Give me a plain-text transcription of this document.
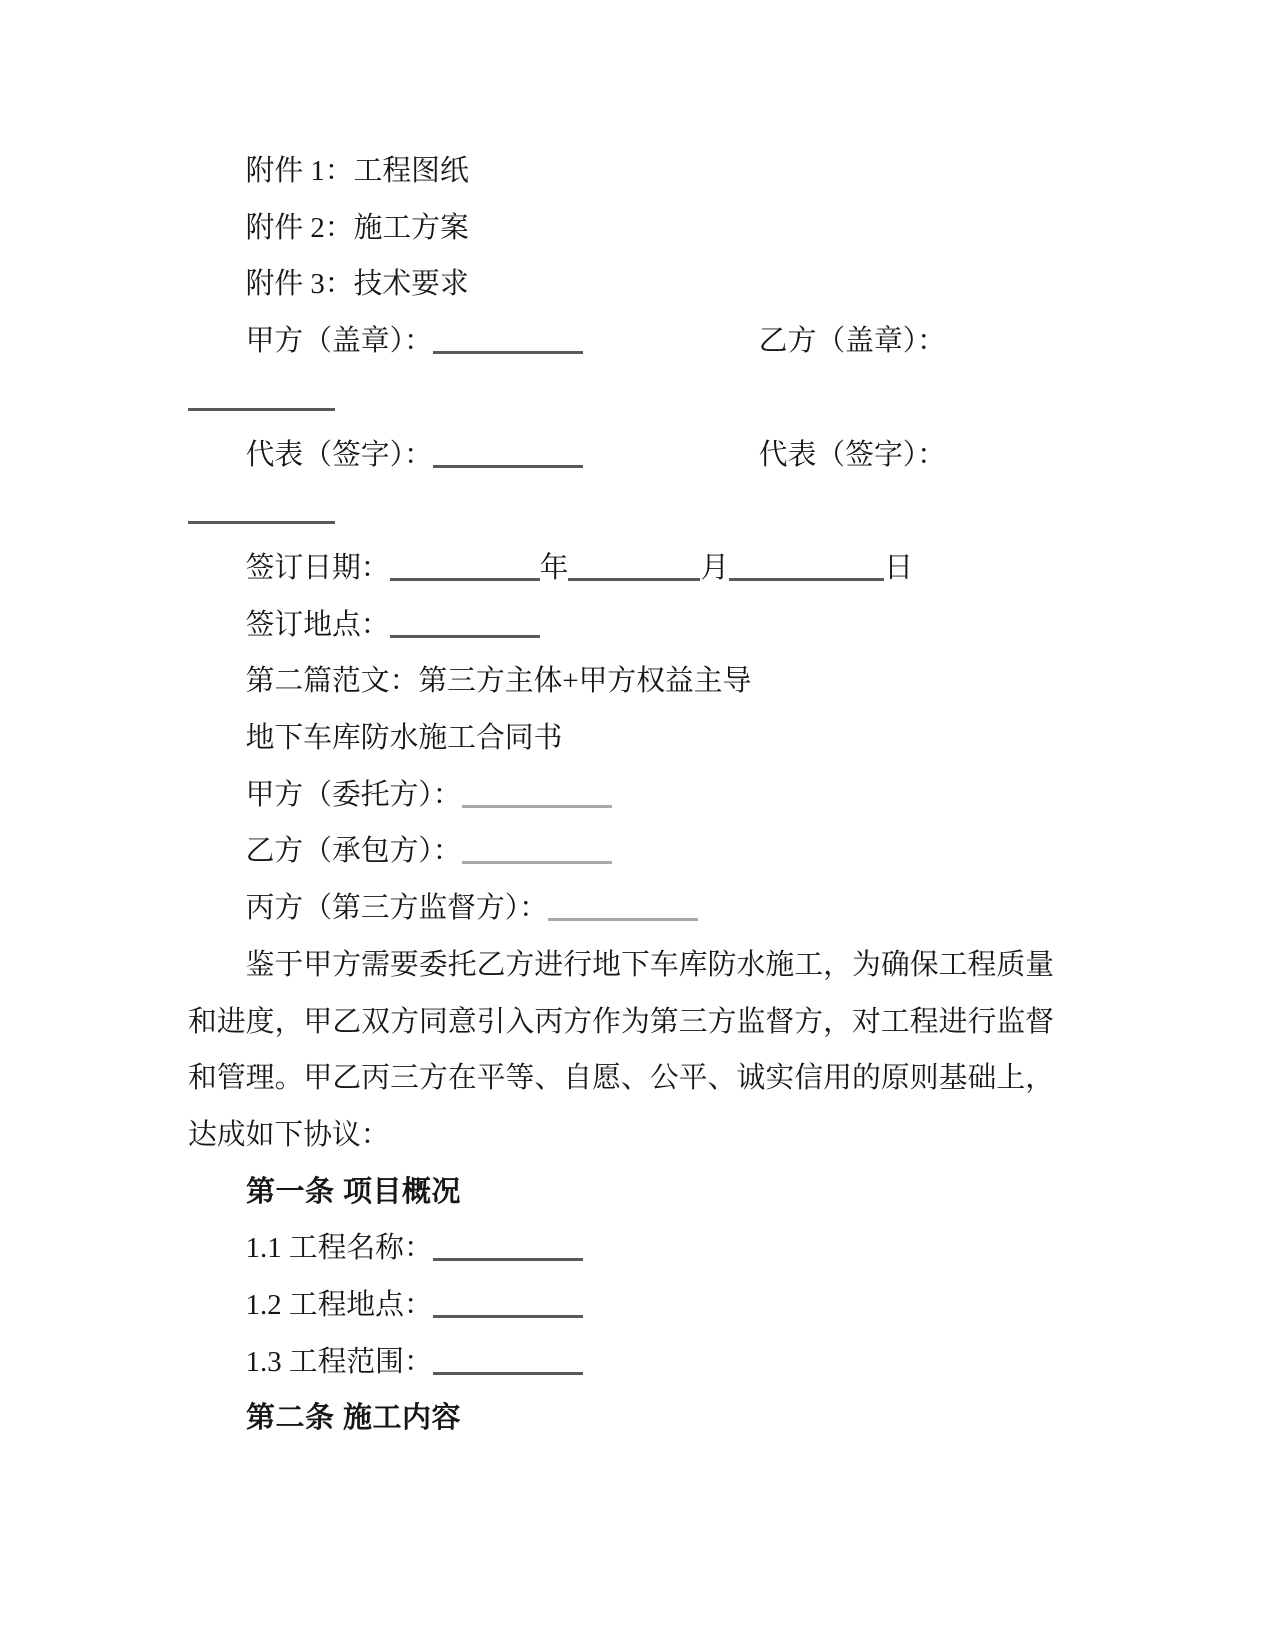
附件 1：工程图纸
附件 2：施工方案
附件 3：技术要求
甲方（盖章）：	乙方（盖章）：
代表（签字）：	代表（签字）：
签订日期：	年	月	日
签订地点：
第二篇范文：第三方主体+甲方权益主导
地下车库防水施工合同书
甲方（委托方）：
乙方（承包方）：
丙方（第三方监督方）：

鉴于甲方需要委托乙方进行地下车库防水施工，为确保工程质量和进度，甲乙双方同意引入丙方作为第三方监督方，对工程进行监督和管理。甲乙丙三方在平等、自愿、公平、诚实信用的原则基础上，达成如下协议：

第一条 项目概况
1.1 工程名称：
1.2 工程地点：
1.3 工程范围：
第二条 施工内容
